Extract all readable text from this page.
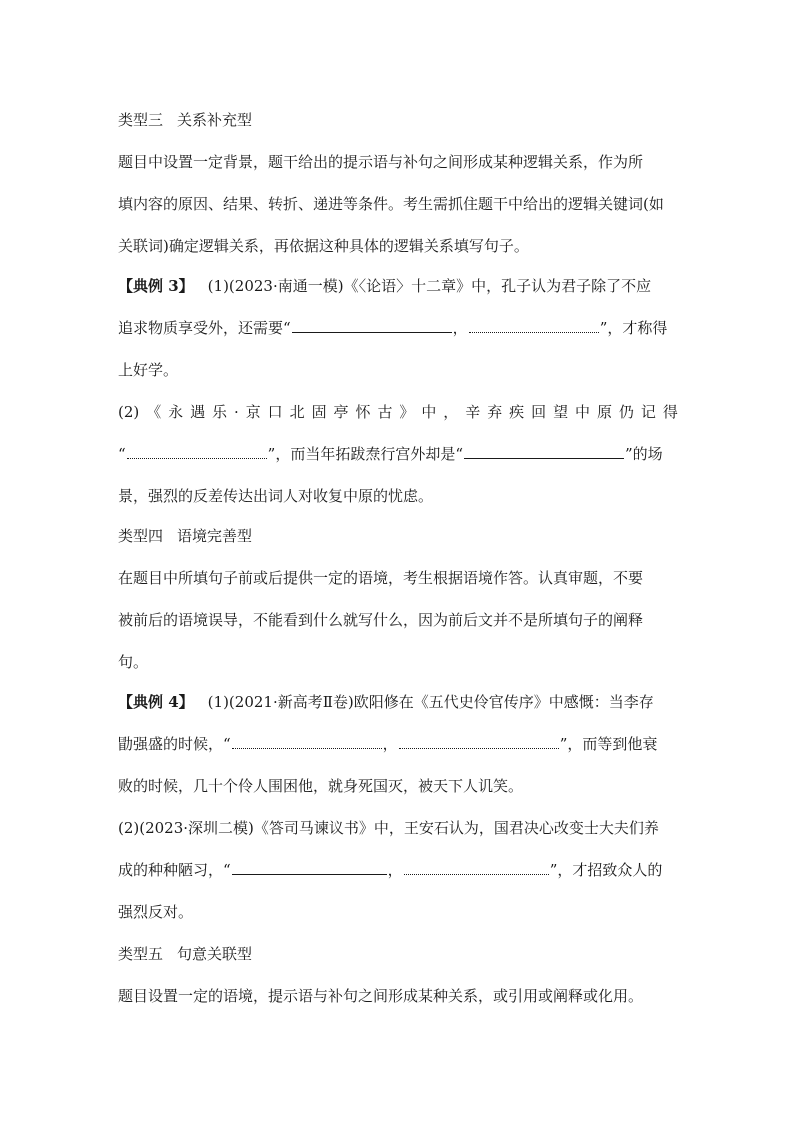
类型三 关系补充型
题目中设置一定背景，题干给出的提示语与补句之间形成某种逻辑关系，作为所
填内容的原因、结果、转折、递进等条件。考生需抓住题干中给出的逻辑关键词(如
关联词)确定逻辑关系，再依据这种具体的逻辑关系填写句子。
【典例 3】 (1)(2023·南通一模)《〈论语〉十二章》中，孔子认为君子除了不应
追求物质享受外，还需要“	，	”，才称得
上好学。
(2) 《 永 遇 乐 · 京 口 北 固 亭 怀 古 》 中 ， 辛 弃 疾 回 望 中 原 仍 记 得
“	”，而当年拓跋焘行宫外却是“	”的场
景，强烈的反差传达出词人对收复中原的忧虑。
类型四 语境完善型
在题目中所填句子前或后提供一定的语境，考生根据语境作答。认真审题，不要
被前后的语境误导，不能看到什么就写什么，因为前后文并不是所填句子的阐释
句。
【典例 4】 (1)(2021·新高考Ⅱ卷)欧阳修在《五代史伶官传序》中感慨：当李存
勖强盛的时候，“	，	”，而等到他衰
败的时候，几十个伶人围困他，就身死国灭，被天下人讥笑。
(2)(2023·深圳二模)《答司马谏议书》中，王安石认为，国君决心改变士大夫们养
成的种种陋习，“	，	”，才招致众人的
强烈反对。
类型五 句意关联型
题目设置一定的语境，提示语与补句之间形成某种关系，或引用或阐释或化用。
